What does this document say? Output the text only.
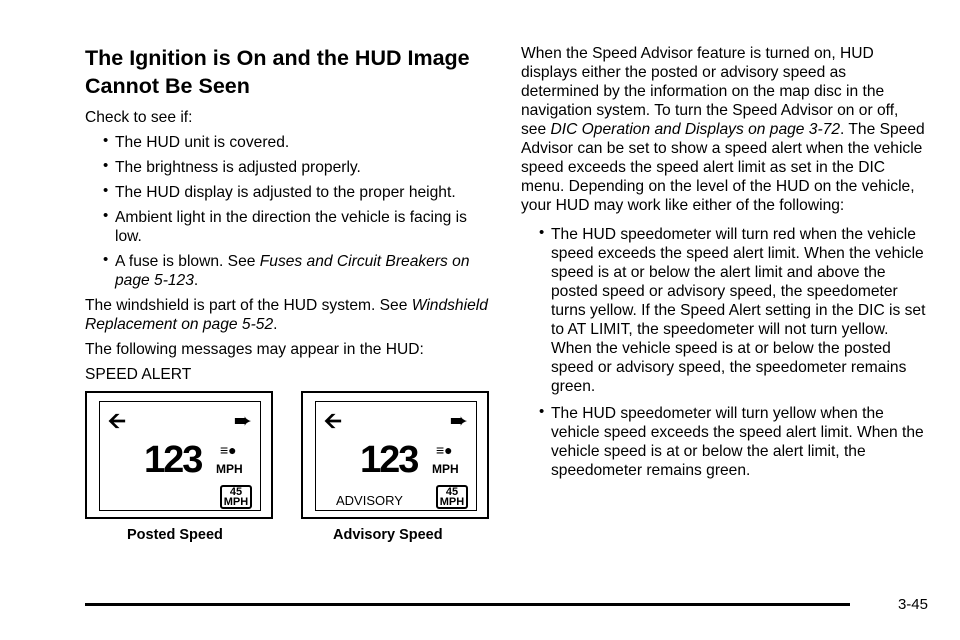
The Ignition is On and the HUD Image Cannot Be Seen

Check to see if:

• The HUD unit is covered.
• The brightness is adjusted properly.
• The HUD display is adjusted to the proper height.
• Ambient light in the direction the vehicle is facing is low.
• A fuse is blown. See Fuses and Circuit Breakers on page 5-123.

The windshield is part of the HUD system. See Windshield Replacement on page 5-52.

The following messages may appear in the HUD:

SPEED ALERT

🡨	➨
123 ≡●
MPH
45
MPH
🡨	➨
123 ≡●
MPH
ADVISORY
45
MPH
Posted Speed	Advisory Speed

When the Speed Advisor feature is turned on, HUD displays either the posted or advisory speed as determined by the information on the map disc in the navigation system. To turn the Speed Advisor on or off, see DIC Operation and Displays on page 3-72. The Speed Advisor can be set to show a speed alert when the vehicle speed exceeds the speed alert limit as set in the DIC menu. Depending on the level of the HUD on the vehicle, your HUD may work like either of the following:

• The HUD speedometer will turn red when the vehicle speed exceeds the speed alert limit. When the vehicle speed is at or below the alert limit and above the posted speed or advisory speed, the speedometer turns yellow. If the Speed Alert setting in the DIC is set to AT LIMIT, the speedometer will not turn yellow. When the vehicle speed is at or below the posted speed or advisory speed, the speedometer remains green.
• The HUD speedometer will turn yellow when the vehicle speed exceeds the speed alert limit. When the vehicle speed is at or below the alert limit, the speedometer remains green.
3-45
